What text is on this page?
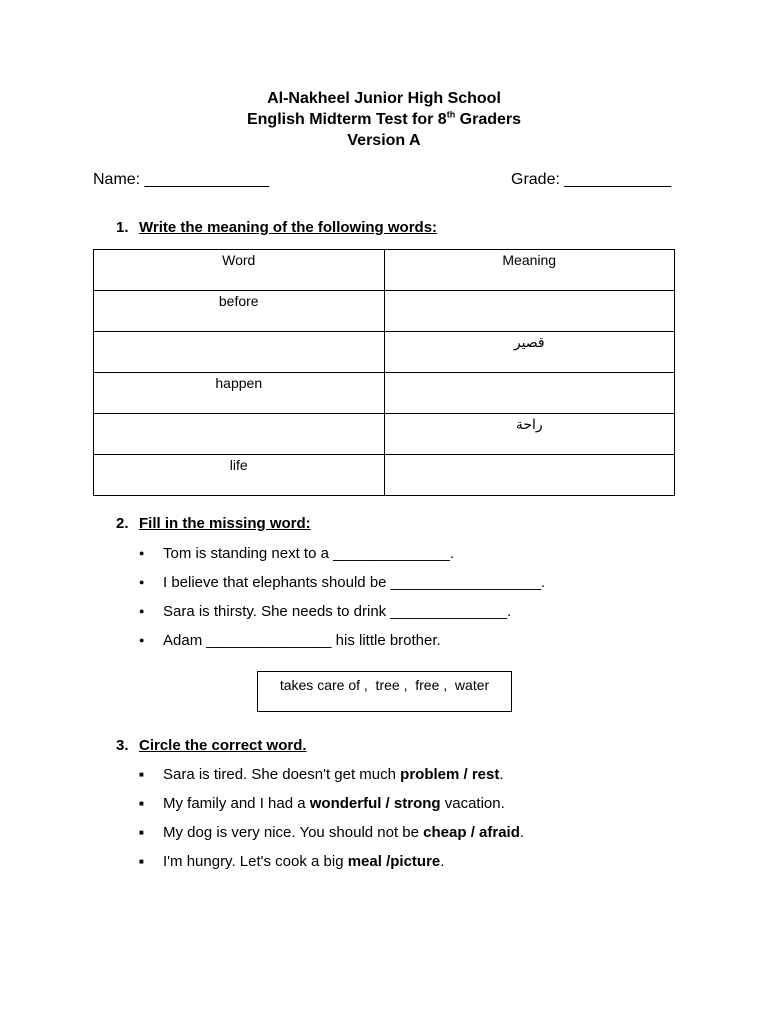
Al-Nakheel Junior High School
English Midterm Test for 8th Graders
Version A
Name: ______________	Grade: ____________
1. Write the meaning of the following words:
Word	Meaning
before	
	قصير
happen	
	راحة
life	
2. Fill in the missing word:
●Tom is standing next to a ______________.
●I believe that elephants should be __________________.
●Sara is thirsty. She needs to drink ______________.
●Adam _______________ his little brother.
takes care of ,  tree ,  free ,  water
3. Circle the correct word.
■Sara is tired. She doesn't get much problem / rest.
■My family and I had a wonderful / strong vacation.
■My dog is very nice. You should not be cheap / afraid.
■I'm hungry. Let's cook a big meal /picture.
